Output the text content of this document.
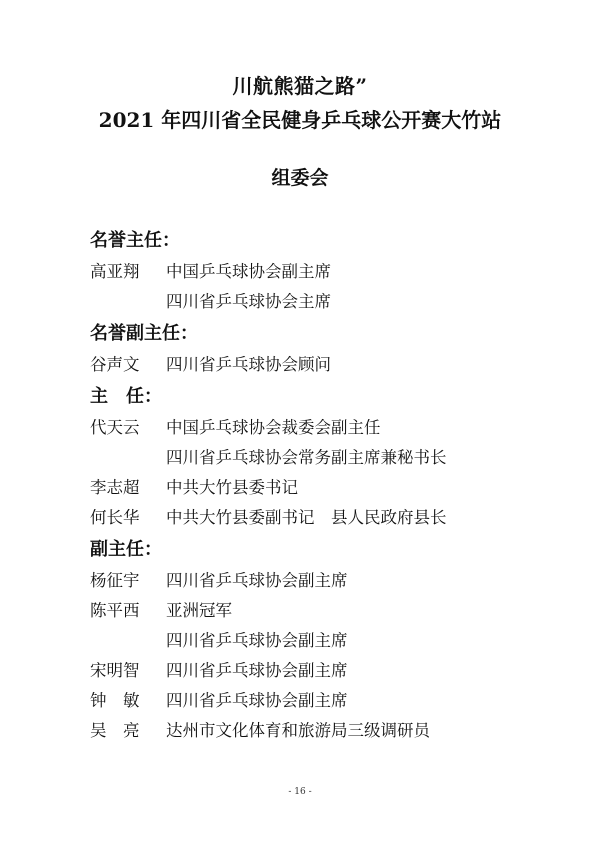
川航熊猫之路”
2021 年四川省全民健身乒乓球公开赛大竹站
组委会
名誉主任：
高亚翔	中国乒乓球协会副主席
四川省乒乓球协会主席
名誉副主任：
谷声文	四川省乒乓球协会顾问
主　任：
代天云	中国乒乓球协会裁委会副主任
四川省乒乓球协会常务副主席兼秘书长
李志超	中共大竹县委书记
何长华	中共大竹县委副书记　县人民政府县长
副主任：
杨征宇	四川省乒乓球协会副主席
陈平西	亚洲冠军
四川省乒乓球协会副主席
宋明智	四川省乒乓球协会副主席
钟　敏	四川省乒乓球协会副主席
吴　亮	达州市文化体育和旅游局三级调研员
- 16 -
